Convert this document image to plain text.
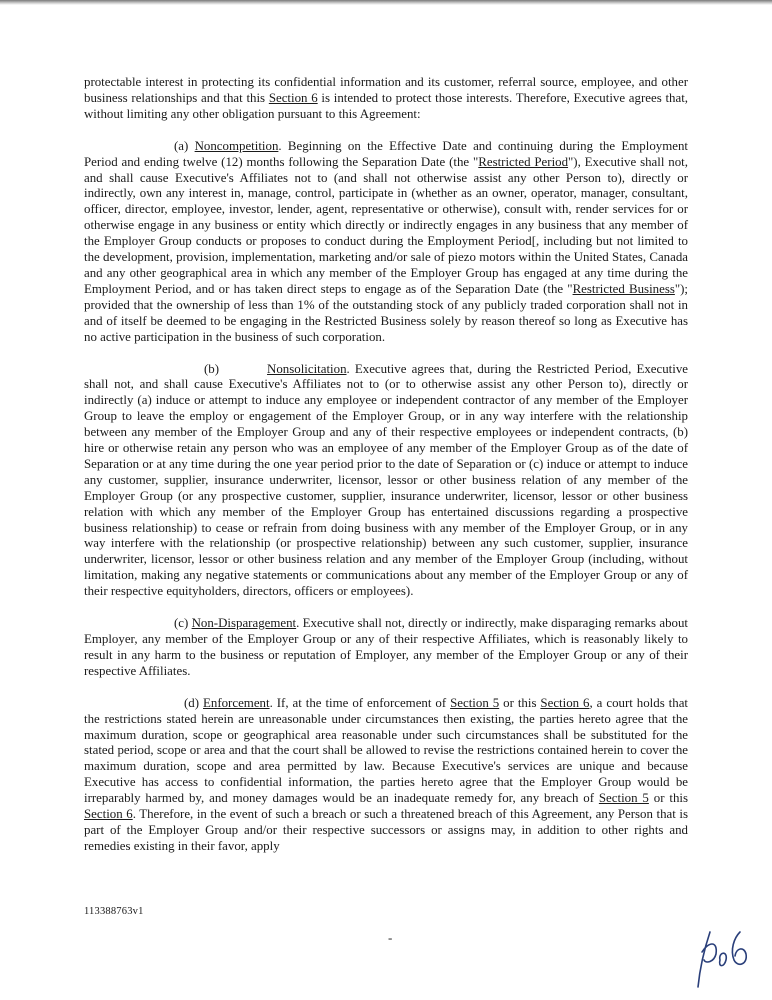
protectable interest in protecting its confidential information and its customer, referral source, employee, and other business relationships and that this Section 6 is intended to protect those interests. Therefore, Executive agrees that, without limiting any other obligation pursuant to this Agreement:

(a) Noncompetition. Beginning on the Effective Date and continuing during the Employment Period and ending twelve (12) months following the Separation Date (the "Restricted Period"), Executive shall not, and shall cause Executive's Affiliates not to (and shall not otherwise assist any other Person to), directly or indirectly, own any interest in, manage, control, participate in (whether as an owner, operator, manager, consultant, officer, director, employee, investor, lender, agent, representative or otherwise), consult with, render services for or otherwise engage in any business or entity which directly or indirectly engages in any business that any member of the Employer Group conducts or proposes to conduct during the Employment Period[, including but not limited to the development, provision, implementation, marketing and/or sale of piezo motors within the United States, Canada and any other geographical area in which any member of the Employer Group has engaged at any time during the Employment Period, and or has taken direct steps to engage as of the Separation Date (the "Restricted Business"); provided that the ownership of less than 1% of the outstanding stock of any publicly traded corporation shall not in and of itself be deemed to be engaging in the Restricted Business solely by reason thereof so long as Executive has no active participation in the business of such corporation.

(b)	Nonsolicitation. Executive agrees that, during the Restricted Period, Executive shall not, and shall cause Executive's Affiliates not to (or to otherwise assist any other Person to), directly or indirectly (a) induce or attempt to induce any employee or independent contractor of any member of the Employer Group to leave the employ or engagement of the Employer Group, or in any way interfere with the relationship between any member of the Employer Group and any of their respective employees or independent contracts, (b) hire or otherwise retain any person who was an employee of any member of the Employer Group as of the date of Separation or at any time during the one year period prior to the date of Separation or (c) induce or attempt to induce any customer, supplier, insurance underwriter, licensor, lessor or other business relation of any member of the Employer Group (or any prospective customer, supplier, insurance underwriter, licensor, lessor or other business relation with which any member of the Employer Group has entertained discussions regarding a prospective business relationship) to cease or refrain from doing business with any member of the Employer Group, or in any way interfere with the relationship (or prospective relationship) between any such customer, supplier, insurance underwriter, licensor, lessor or other business relation and any member of the Employer Group (including, without limitation, making any negative statements or communications about any member of the Employer Group or any of their respective equityholders, directors, officers or employees).

(c) Non-Disparagement. Executive shall not, directly or indirectly, make disparaging remarks about Employer, any member of the Employer Group or any of their respective Affiliates, which is reasonably likely to result in any harm to the business or reputation of Employer, any member of the Employer Group or any of their respective Affiliates.

(d) Enforcement. If, at the time of enforcement of Section 5 or this Section 6, a court holds that the restrictions stated herein are unreasonable under circumstances then existing, the parties hereto agree that the maximum duration, scope or geographical area reasonable under such circumstances shall be substituted for the stated period, scope or area and that the court shall be allowed to revise the restrictions contained herein to cover the maximum duration, scope and area permitted by law. Because Executive's services are unique and because Executive has access to confidential information, the parties hereto agree that the Employer Group would be irreparably harmed by, and money damages would be an inadequate remedy for, any breach of Section 5 or this Section 6. Therefore, in the event of such a breach or such a threatened breach of this Agreement, any Person that is part of the Employer Group and/or their respective successors or assigns may, in addition to other rights and remedies existing in their favor, apply

113388763v1
-
